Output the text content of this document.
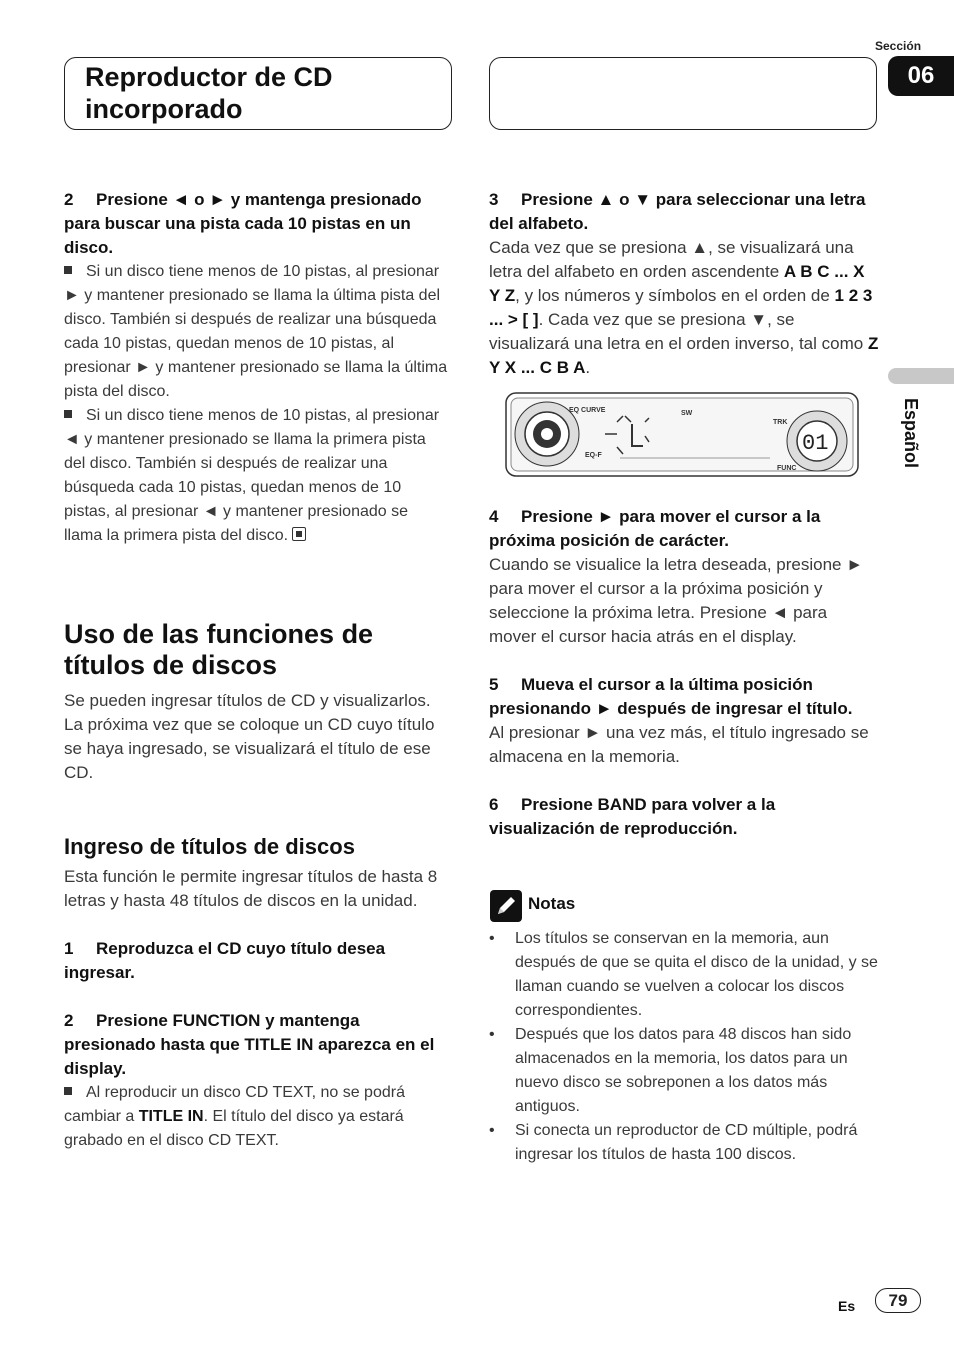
Reproductor de CD incorporado
Sección
06
Español

2 Presione ◄ o ► y mantenga presionado para buscar una pista cada 10 pistas en un disco.

Si un disco tiene menos de 10 pistas, al presionar ► y mantener presionado se llama la última pista del disco. También si después de realizar una búsqueda cada 10 pistas, quedan menos de 10 pistas, al presionar ► y mantener presionado se llama la última pista del disco.

Si un disco tiene menos de 10 pistas, al presionar ◄ y mantener presionado se llama la primera pista del disco. También si después de realizar una búsqueda cada 10 pistas, quedan menos de 10 pistas, al presionar ◄ y mantener presionado se llama la primera pista del disco.

Uso de las funciones de títulos de discos

Se pueden ingresar títulos de CD y visualizarlos. La próxima vez que se coloque un CD cuyo título se haya ingresado, se visualizará el título de ese CD.

Ingreso de títulos de discos

Esta función le permite ingresar títulos de hasta 8 letras y hasta 48 títulos de discos en la unidad.

1 Reproduzca el CD cuyo título desea ingresar.

2 Presione FUNCTION y mantenga presionado hasta que TITLE IN aparezca en el display.

Al reproducir un disco CD TEXT, no se podrá cambiar a TITLE IN. El título del disco ya estará grabado en el disco CD TEXT.

3 Presione ▲ o ▼ para seleccionar una letra del alfabeto.

Cada vez que se presiona ▲, se visualizará una letra del alfabeto en orden ascendente A B C ... X Y Z, y los números y símbolos en el orden de 1 2 3 ... > [ ]. Cada vez que se presiona ▼, se visualizará una letra en el orden inverso, tal como Z Y X ... C B A.

EQ CURVE	SW
EQ-F
TRK
FUNC
01

4 Presione ► para mover el cursor a la próxima posición de carácter.

Cuando se visualice la letra deseada, presione ► para mover el cursor a la próxima posición y seleccione la próxima letra. Presione ◄ para mover el cursor hacia atrás en el display.

5 Mueva el cursor a la última posición presionando ► después de ingresar el título.

Al presionar ► una vez más, el título ingresado se almacena en la memoria.

6 Presione BAND para volver a la visualización de reproducción.

Notas
• Los títulos se conservan en la memoria, aun después de que se quita el disco de la unidad, y se llaman cuando se vuelven a colocar los discos correspondientes.
• Después que los datos para 48 discos han sido almacenados en la memoria, los datos para un nuevo disco se sobreponen a los datos más antiguos.
• Si conecta un reproductor de CD múltiple, podrá ingresar los títulos de hasta 100 discos.
Es	79
